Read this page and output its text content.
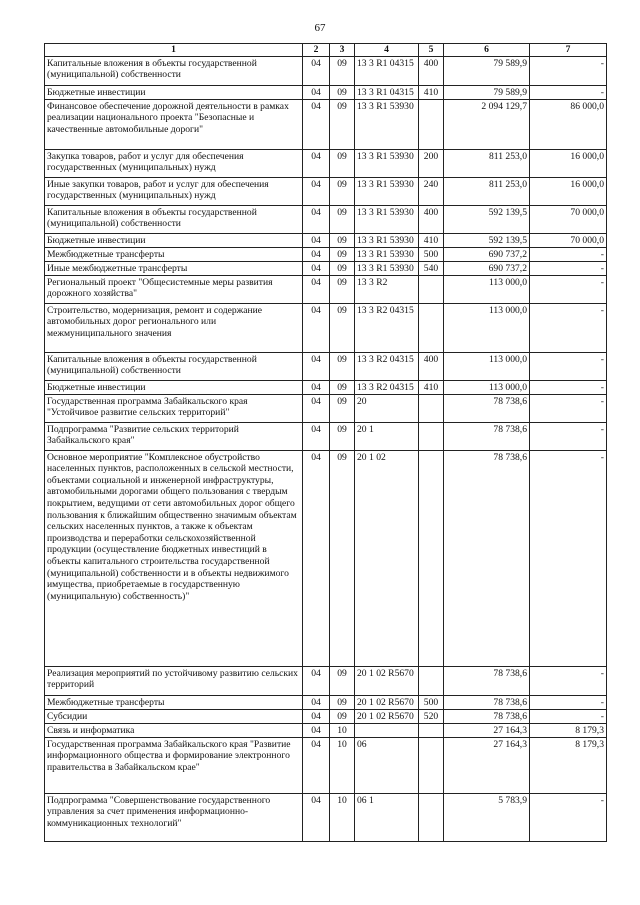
67
1	2	3	4	5	6	7
Капитальные вложения в объекты государственной (муниципальной) собственности	04	09	13 3 R1 04315	400	79 589,9	-
Бюджетные инвестиции	04	09	13 3 R1 04315	410	79 589,9	-
Финансовое обеспечение дорожной деятельности в рамках реализации национального проекта "Безопасные и качественные автомобильные дороги"	04	09	13 3 R1 53930		2 094 129,7	86 000,0
Закупка товаров, работ и услуг для обеспечения государственных (муниципальных) нужд	04	09	13 3 R1 53930	200	811 253,0	16 000,0
Иные закупки товаров, работ и услуг для обеспечения государственных (муниципальных) нужд	04	09	13 3 R1 53930	240	811 253,0	16 000,0
Капитальные вложения в объекты государственной (муниципальной) собственности	04	09	13 3 R1 53930	400	592 139,5	70 000,0
Бюджетные инвестиции	04	09	13 3 R1 53930	410	592 139,5	70 000,0
Межбюджетные трансферты	04	09	13 3 R1 53930	500	690 737,2	-
Иные межбюджетные трансферты	04	09	13 3 R1 53930	540	690 737,2	-
Региональный проект "Общесистемные меры развития дорожного хозяйства"	04	09	13 3 R2		113 000,0	-
Строительство, модернизация, ремонт и содержание автомобильных дорог регионального или межмуниципального значения	04	09	13 3 R2 04315		113 000,0	-
Капитальные вложения в объекты государственной (муниципальной) собственности	04	09	13 3 R2 04315	400	113 000,0	-
Бюджетные инвестиции	04	09	13 3 R2 04315	410	113 000,0	-
Государственная программа Забайкальского края "Устойчивое развитие сельских территорий"	04	09	20		78 738,6	-
Подпрограмма "Развитие сельских территорий Забайкальского края"	04	09	20 1		78 738,6	-
Основное мероприятие "Комплексное обустройство населенных пунктов, расположенных в сельской местности, объектами социальной и инженерной инфраструктуры, автомобильными дорогами общего пользования с твердым покрытием, ведущими от сети автомобильных дорог общего пользования к ближайшим общественно значимым объектам сельских населенных пунктов, а также к объектам производства и переработки сельскохозяйственной продукции (осуществление бюджетных инвестиций в объекты капитального строительства государственной (муниципальной) собственности и в объекты недвижимого имущества, приобретаемые в государственную (муниципальную) собственность)"	04	09	20 1 02		78 738,6	-
Реализация мероприятий по устойчивому развитию сельских территорий	04	09	20 1 02 R5670		78 738,6	-
Межбюджетные трансферты	04	09	20 1 02 R5670	500	78 738,6	-
Субсидии	04	09	20 1 02 R5670	520	78 738,6	-
Связь и информатика	04	10			27 164,3	8 179,3
Государственная программа Забайкальского края "Развитие информационного общества и формирование электронного правительства в Забайкальском крае"	04	10	06		27 164,3	8 179,3
Подпрограмма "Совершенствование государственного управления за счет применения информационно-коммуникационных технологий"	04	10	06 1		5 783,9	-
